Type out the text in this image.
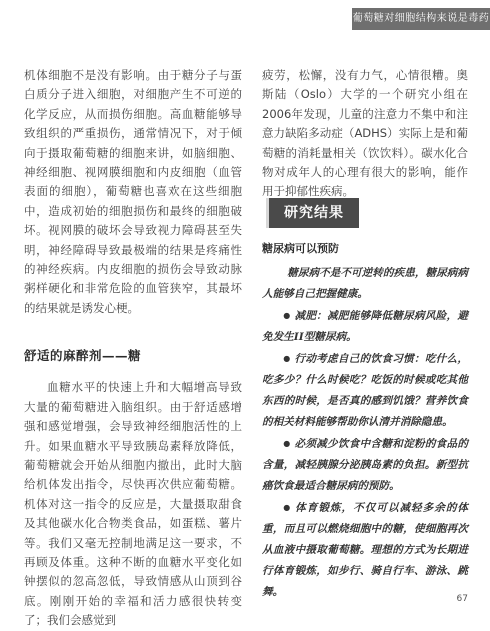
葡萄糖对细胞结构来说是毒药

机体细胞不是没有影响。由于糖分子与蛋白质分子进入细胞，对细胞产生不可逆的化学反应，从而损伤细胞。高血糖能够导致组织的严重损伤，通常情况下，对于倾向于摄取葡萄糖的细胞来讲，如脑细胞、神经细胞、视网膜细胞和内皮细胞（血管表面的细胞），葡萄糖也喜欢在这些细胞中，造成初始的细胞损伤和最终的细胞破坏。视网膜的破坏会导致视力障碍甚至失明，神经障碍导致最极端的结果是疼痛性的神经疾病。内皮细胞的损伤会导致动脉粥样硬化和非常危险的血管狭窄，其最坏的结果就是诱发心梗。

舒适的麻醉剂——糖

血糖水平的快速上升和大幅增高导致大量的葡萄糖进入脑组织。由于舒适感增强和感觉增强，会导致神经细胞活性的上升。如果血糖水平导致胰岛素释放降低，葡萄糖就会开始从细胞内撤出，此时大脑给机体发出指令，尽快再次供应葡萄糖。机体对这一指令的反应是，大量摄取甜食及其他碳水化合物类食品，如蛋糕、薯片等。我们又毫无控制地满足这一要求，不再顾及体重。这种不断的血糖水平变化如钟摆似的忽高忽低，导致情感从山顶到谷底。刚刚开始的幸福和活力感很快转变了；我们会感觉到

疲劳，松懈，没有力气，心情很糟。奥斯陆（Oslo）大学的一个研究小组在2006年发现，儿童的注意力不集中和注意力缺陷多动症（ADHS）实际上是和葡萄糖的消耗量相关（饮饮料）。碳水化合物对成年人的心理有很大的影响，能作用于抑郁性疾病。

研究结果
糖尿病可以预防

糖尿病不是不可逆转的疾患，糖尿病病人能够自己把握健康。

● 减肥：减肥能够降低糖尿病风险，避免发生II型糖尿病。

● 行动考虑自己的饮食习惯：吃什么，吃多少？什么时候吃？吃饭的时候或吃其他东西的时候，是否真的感到饥饿？营养饮食的相关材料能够帮助你认清并消除隐患。

● 必须减少饮食中含糖和淀粉的食品的含量，减轻胰腺分泌胰岛素的负担。新型抗癌饮食最适合糖尿病的预防。

● 体育锻炼，不仅可以减轻多余的体重，而且可以燃烧细胞中的糖，使细胞再次从血液中摄取葡萄糖。理想的方式为长期进行体育锻炼，如步行、骑自行车、游泳、跳舞。

67
